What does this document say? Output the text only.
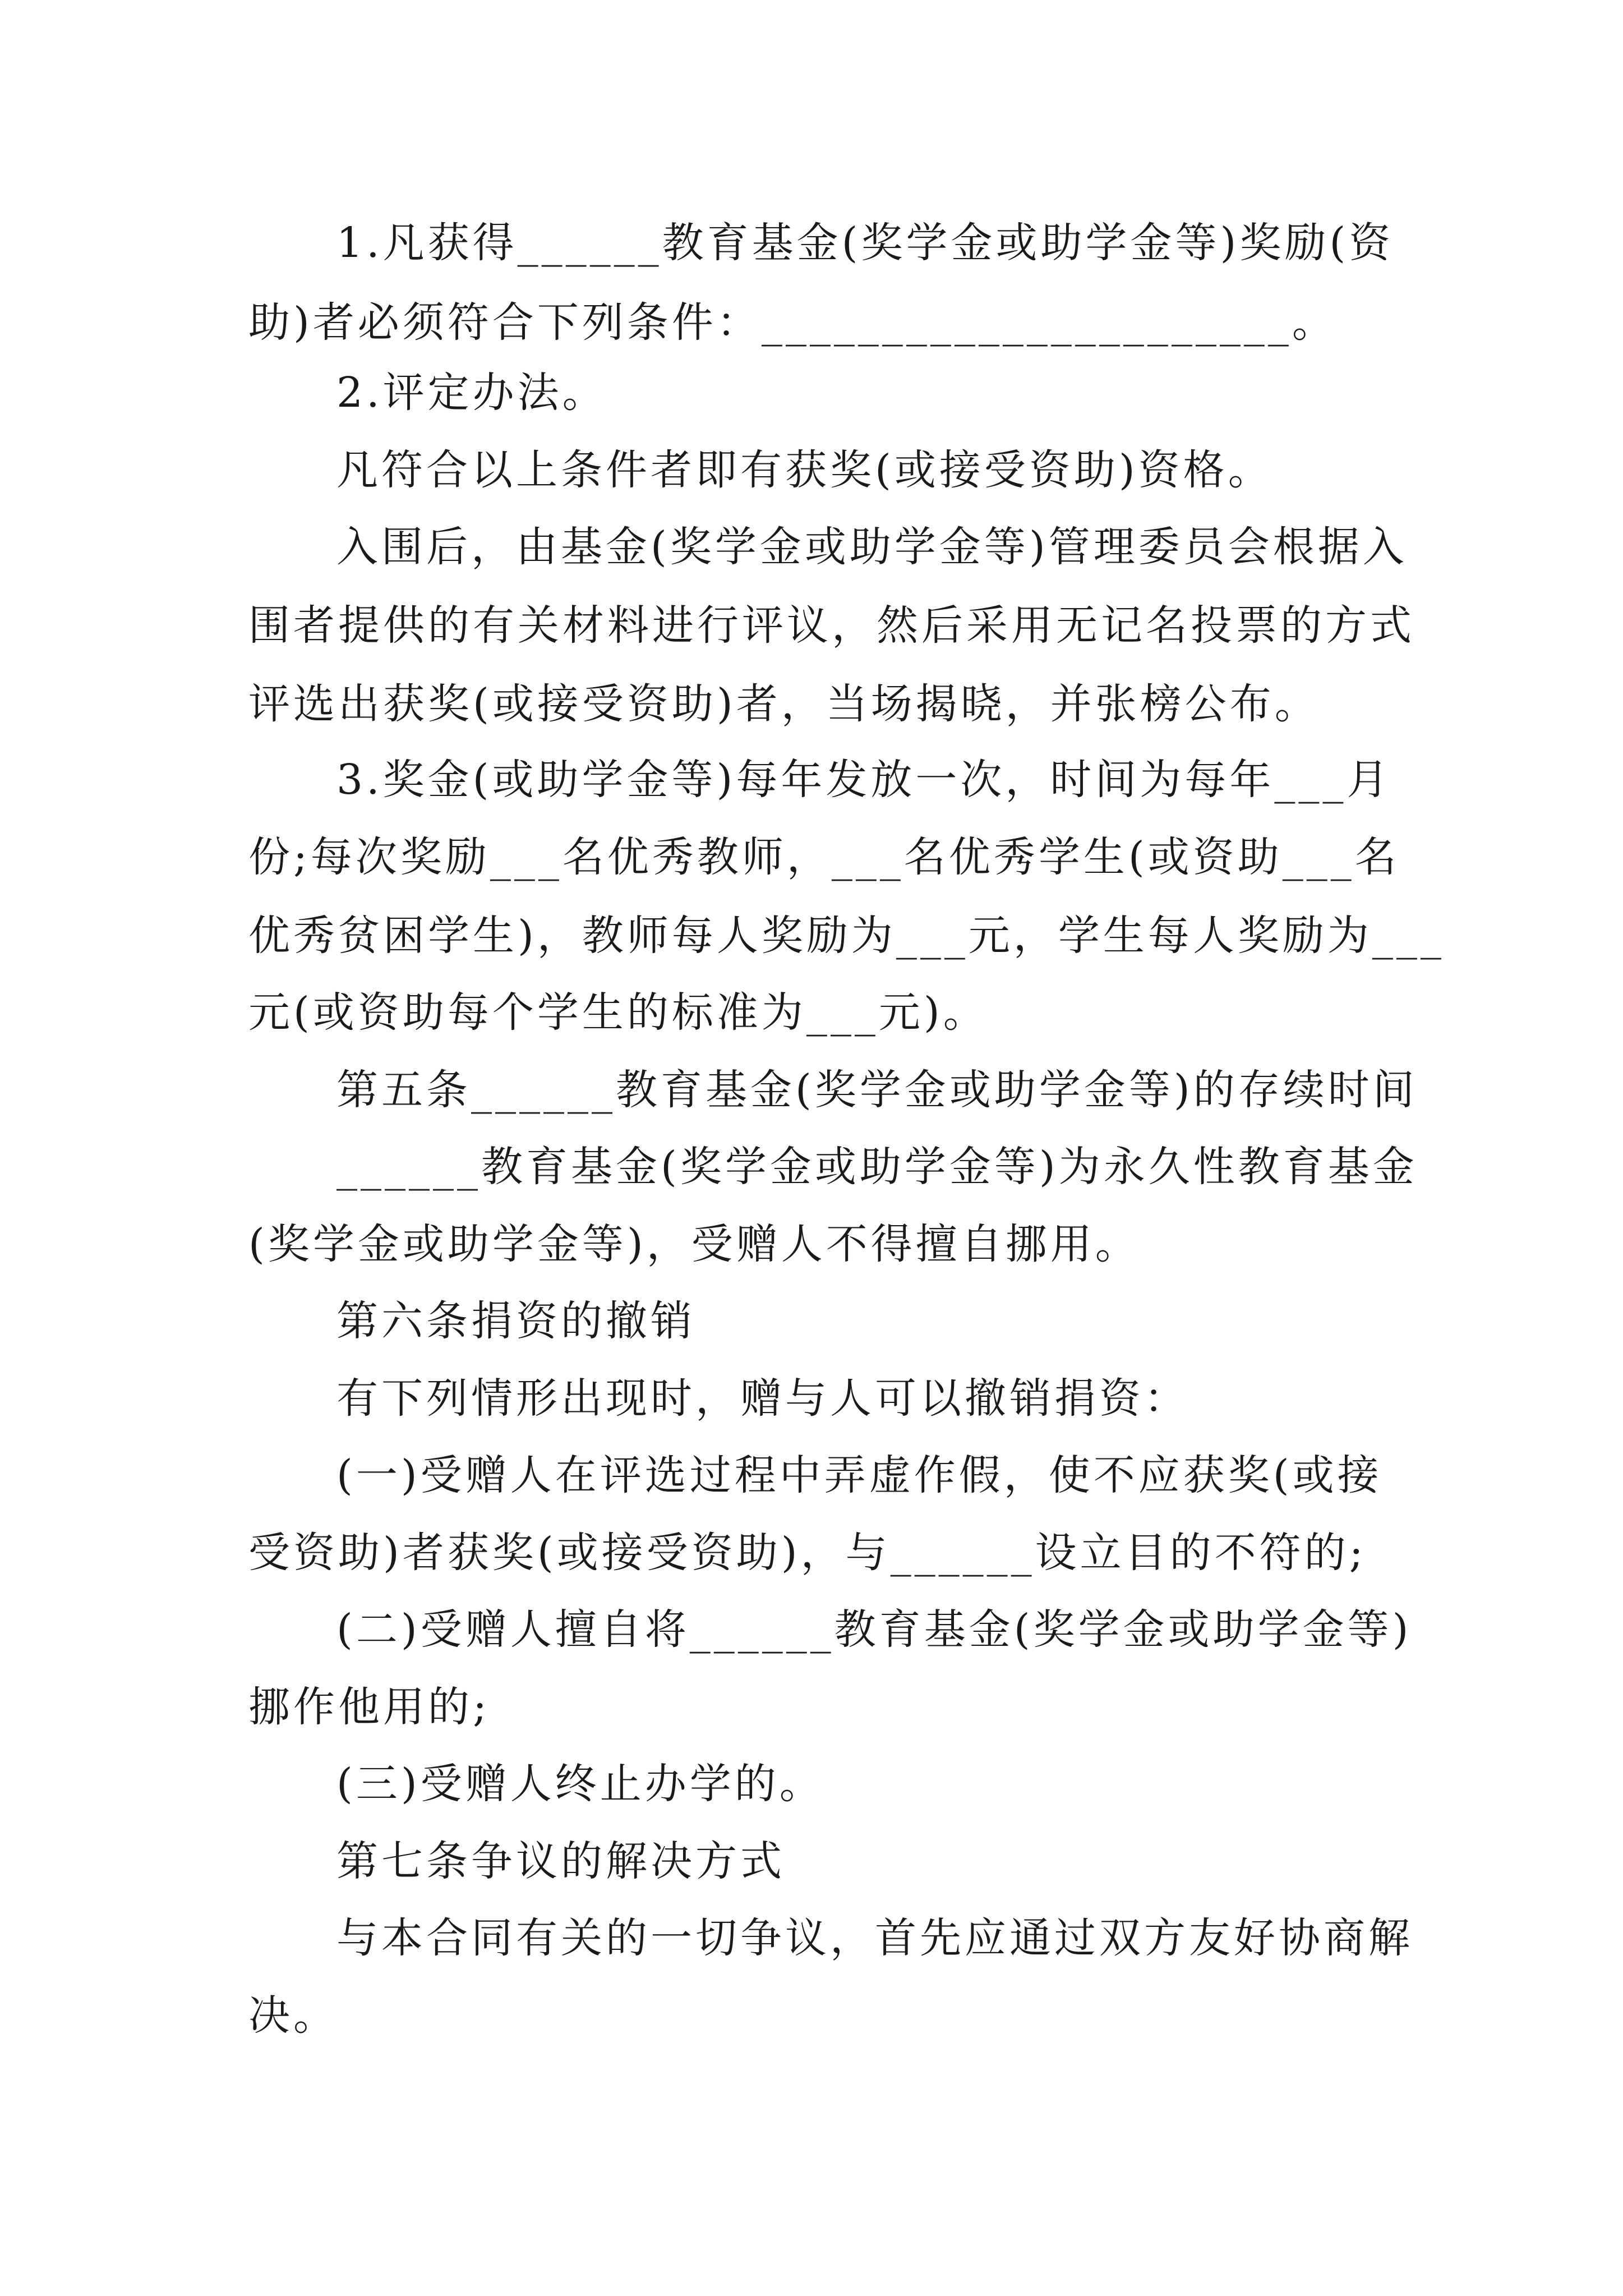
1.凡获得______教育基金(奖学金或助学金等)奖励(资
助)者必须符合下列条件：______________________。
2.评定办法。
凡符合以上条件者即有获奖(或接受资助)资格。
入围后，由基金(奖学金或助学金等)管理委员会根据入
围者提供的有关材料进行评议，然后采用无记名投票的方式
评选出获奖(或接受资助)者，当场揭晓，并张榜公布。
3.奖金(或助学金等)每年发放一次，时间为每年___月
份;每次奖励___名优秀教师，___名优秀学生(或资助___名
优秀贫困学生)，教师每人奖励为___元，学生每人奖励为___
元(或资助每个学生的标准为___元)。
第五条______教育基金(奖学金或助学金等)的存续时间
______教育基金(奖学金或助学金等)为永久性教育基金
(奖学金或助学金等)，受赠人不得擅自挪用。
第六条捐资的撤销
有下列情形出现时，赠与人可以撤销捐资：
(一)受赠人在评选过程中弄虚作假，使不应获奖(或接
受资助)者获奖(或接受资助)，与______设立目的不符的;
(二)受赠人擅自将______教育基金(奖学金或助学金等)
挪作他用的;
(三)受赠人终止办学的。
第七条争议的解决方式
与本合同有关的一切争议，首先应通过双方友好协商解
决。
